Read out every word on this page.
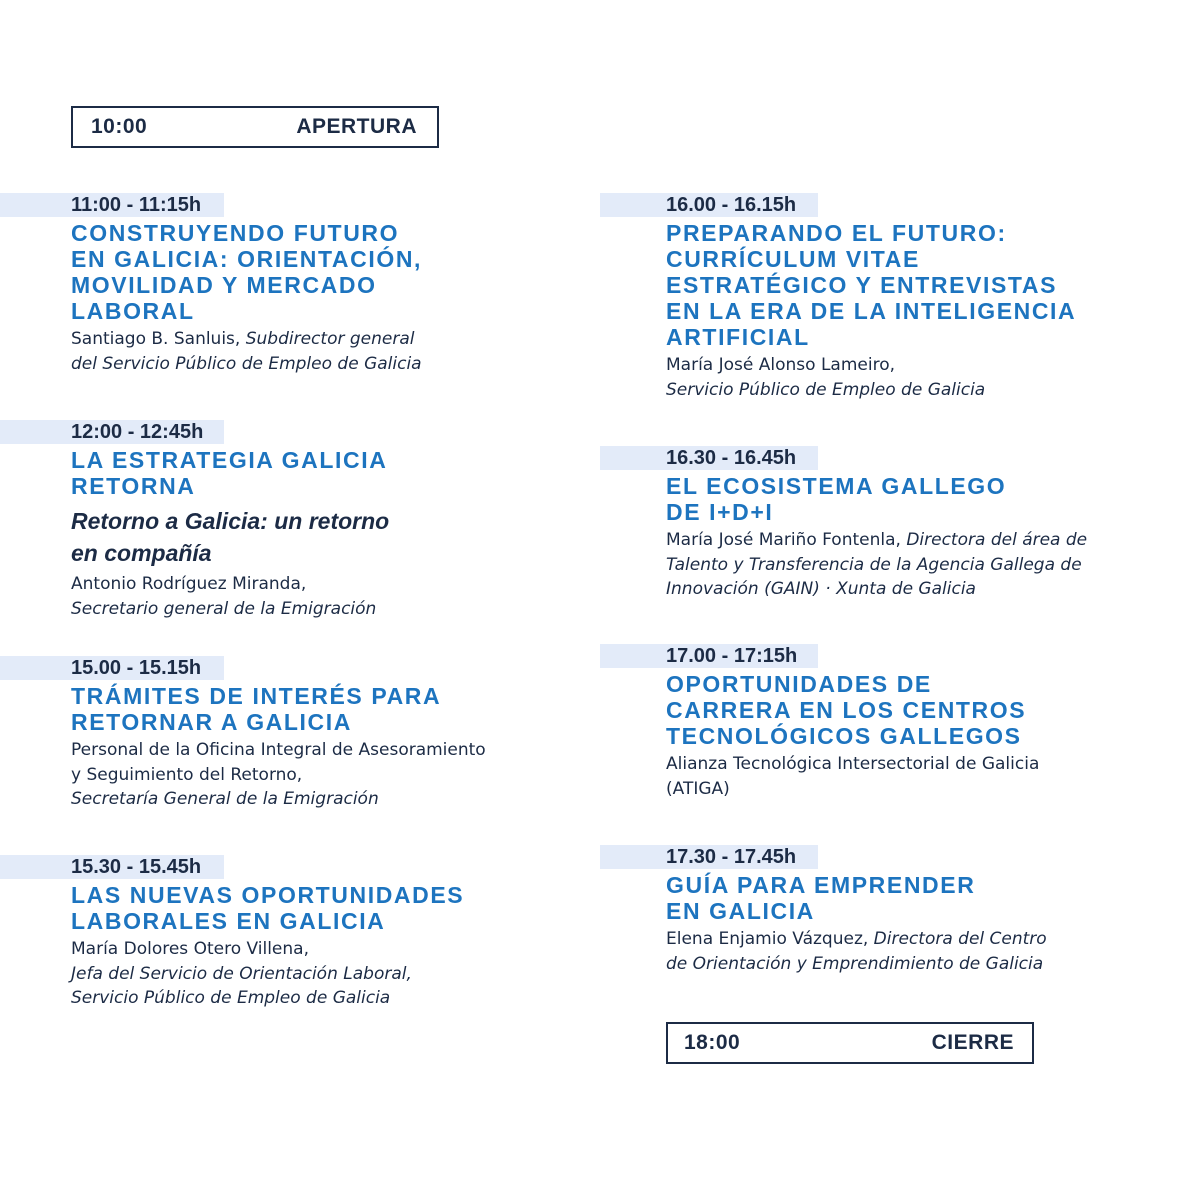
10:00	APERTURA
11:00 - 11:15h
CONSTRUYENDO FUTURO
EN GALICIA: ORIENTACIÓN,
MOVILIDAD Y MERCADO
LABORAL
Santiago B. Sanluis, Subdirector general
del Servicio Público de Empleo de Galicia
12:00 - 12:45h
LA ESTRATEGIA GALICIA
RETORNA
Retorno a Galicia: un retorno
en compañía
Antonio Rodríguez Miranda,
Secretario general de la Emigración
15.00 - 15.15h
TRÁMITES DE INTERÉS PARA
RETORNAR A GALICIA
Personal de la Oficina Integral de Asesoramiento
y Seguimiento del Retorno,
Secretaría General de la Emigración
15.30 - 15.45h
LAS NUEVAS OPORTUNIDADES
LABORALES EN GALICIA
María Dolores Otero Villena,
Jefa del Servicio de Orientación Laboral,
Servicio Público de Empleo de Galicia
16.00 - 16.15h
PREPARANDO EL FUTURO:
CURRÍCULUM VITAE
ESTRATÉGICO Y ENTREVISTAS
EN LA ERA DE LA INTELIGENCIA
ARTIFICIAL
María José Alonso Lameiro,
Servicio Público de Empleo de Galicia
16.30 - 16.45h
EL ECOSISTEMA GALLEGO
DE I+D+I
María José Mariño Fontenla, Directora del área de
Talento y Transferencia de la Agencia Gallega de
Innovación (GAIN) · Xunta de Galicia
17.00 - 17:15h
OPORTUNIDADES DE
CARRERA EN LOS CENTROS
TECNOLÓGICOS GALLEGOS
Alianza Tecnológica Intersectorial de Galicia
(ATIGA)
17.30 - 17.45h
GUÍA PARA EMPRENDER
EN GALICIA
Elena Enjamio Vázquez, Directora del Centro
de Orientación y Emprendimiento de Galicia
18:00	CIERRE
